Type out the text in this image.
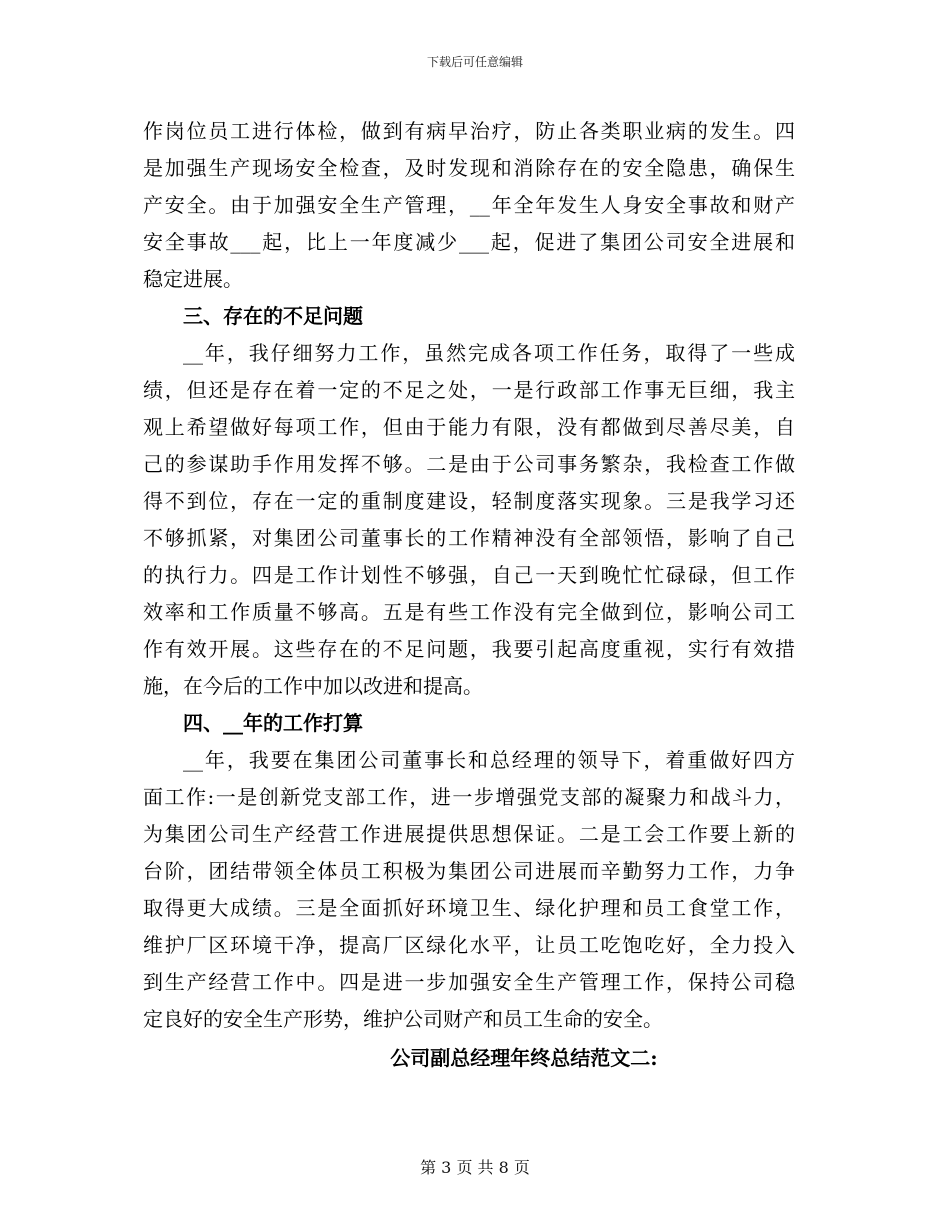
下载后可任意编辑
作岗位员工进行体检，做到有病早治疗，防止各类职业病的发生。四
是加强生产现场安全检查，及时发现和消除存在的安全隐患，确保生
产安全。由于加强安全生产管理，__年全年发生人身安全事故和财产
安全事故___起，比上一年度减少___起，促进了集团公司安全进展和
稳定进展。
三、存在的不足问题
__年，我仔细努力工作，虽然完成各项工作任务，取得了一些成
绩，但还是存在着一定的不足之处，一是行政部工作事无巨细，我主
观上希望做好每项工作，但由于能力有限，没有都做到尽善尽美，自
己的参谋助手作用发挥不够。二是由于公司事务繁杂，我检查工作做
得不到位，存在一定的重制度建设，轻制度落实现象。三是我学习还
不够抓紧，对集团公司董事长的工作精神没有全部领悟，影响了自己
的执行力。四是工作计划性不够强，自己一天到晚忙忙碌碌，但工作
效率和工作质量不够高。五是有些工作没有完全做到位，影响公司工
作有效开展。这些存在的不足问题，我要引起高度重视，实行有效措
施，在今后的工作中加以改进和提高。
四、__年的工作打算
__年，我要在集团公司董事长和总经理的领导下，着重做好四方
面工作:一是创新党支部工作，进一步增强党支部的凝聚力和战斗力，
为集团公司生产经营工作进展提供思想保证。二是工会工作要上新的
台阶，团结带领全体员工积极为集团公司进展而辛勤努力工作，力争
取得更大成绩。三是全面抓好环境卫生、绿化护理和员工食堂工作，
维护厂区环境干净，提高厂区绿化水平，让员工吃饱吃好，全力投入
到生产经营工作中。四是进一步加强安全生产管理工作，保持公司稳
定良好的安全生产形势，维护公司财产和员工生命的安全。
公司副总经理年终总结范文二:
第 3 页 共 8 页
